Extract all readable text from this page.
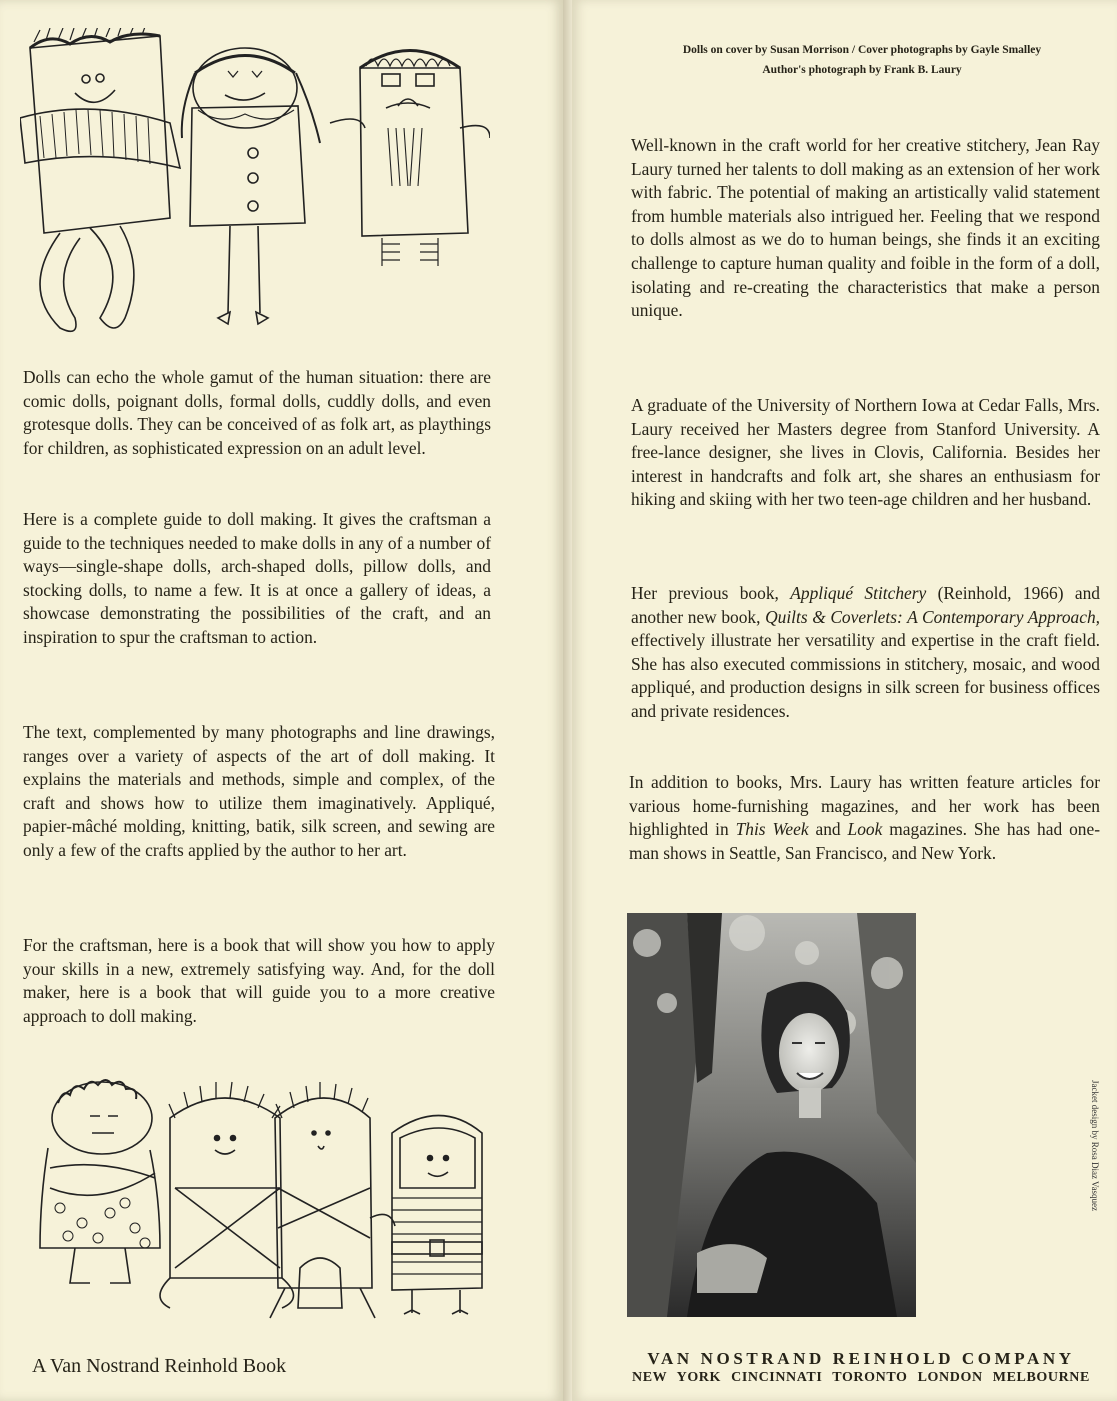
Dolls can echo the whole gamut of the human situation: there are comic dolls, poignant dolls, formal dolls, cuddly dolls, and even grotesque dolls. They can be conceived of as folk art, as playthings for children, as sophisticated expression on an adult level.

Here is a complete guide to doll making. It gives the craftsman a guide to the techniques needed to make dolls in any of a number of ways—single-shape dolls, arch-shaped dolls, pillow dolls, and stocking dolls, to name a few. It is at once a gallery of ideas, a showcase demonstrating the possibilities of the craft, and an inspiration to spur the craftsman to action.

The text, complemented by many photographs and line drawings, ranges over a variety of aspects of the art of doll making. It explains the materials and methods, simple and complex, of the craft and shows how to utilize them imaginatively. Appliqué, papier-mâché molding, knitting, batik, silk screen, and sewing are only a few of the crafts applied by the author to her art.

For the craftsman, here is a book that will show you how to apply your skills in a new, extremely satisfying way. And, for the doll maker, here is a book that will guide you to a more creative approach to doll making.

A Van Nostrand Reinhold Book
Dolls on cover by Susan Morrison / Cover photographs by Gayle Smalley
Author's photograph by Frank B. Laury

Well-known in the craft world for her creative stitchery, Jean Ray Laury turned her talents to doll making as an extension of her work with fabric. The potential of making an artistically valid statement from humble materials also intrigued her. Feeling that we respond to dolls almost as we do to human beings, she finds it an exciting challenge to capture human quality and foible in the form of a doll, isolating and re-creating the characteristics that make a person unique.

A graduate of the University of Northern Iowa at Cedar Falls, Mrs. Laury received her Masters degree from Stanford University. A free-lance designer, she lives in Clovis, California. Besides her interest in handcrafts and folk art, she shares an enthusiasm for hiking and skiing with her two teen-age children and her husband.

Her previous book, Appliqué Stitchery (Reinhold, 1966) and another new book, Quilts & Coverlets: A Contemporary Approach, effectively illustrate her versatility and expertise in the craft field. She has also executed commissions in stitchery, mosaic, and wood appliqué, and production designs in silk screen for business offices and private residences.

In addition to books, Mrs. Laury has written feature articles for various home-furnishing magazines, and her work has been highlighted in This Week and Look magazines. She has had one-man shows in Seattle, San Francisco, and New York.

Jacket design by Rosa Diaz Vasquez
VAN NOSTRAND REINHOLD COMPANY
NEW YORK CINCINNATI TORONTO LONDON MELBOURNE
